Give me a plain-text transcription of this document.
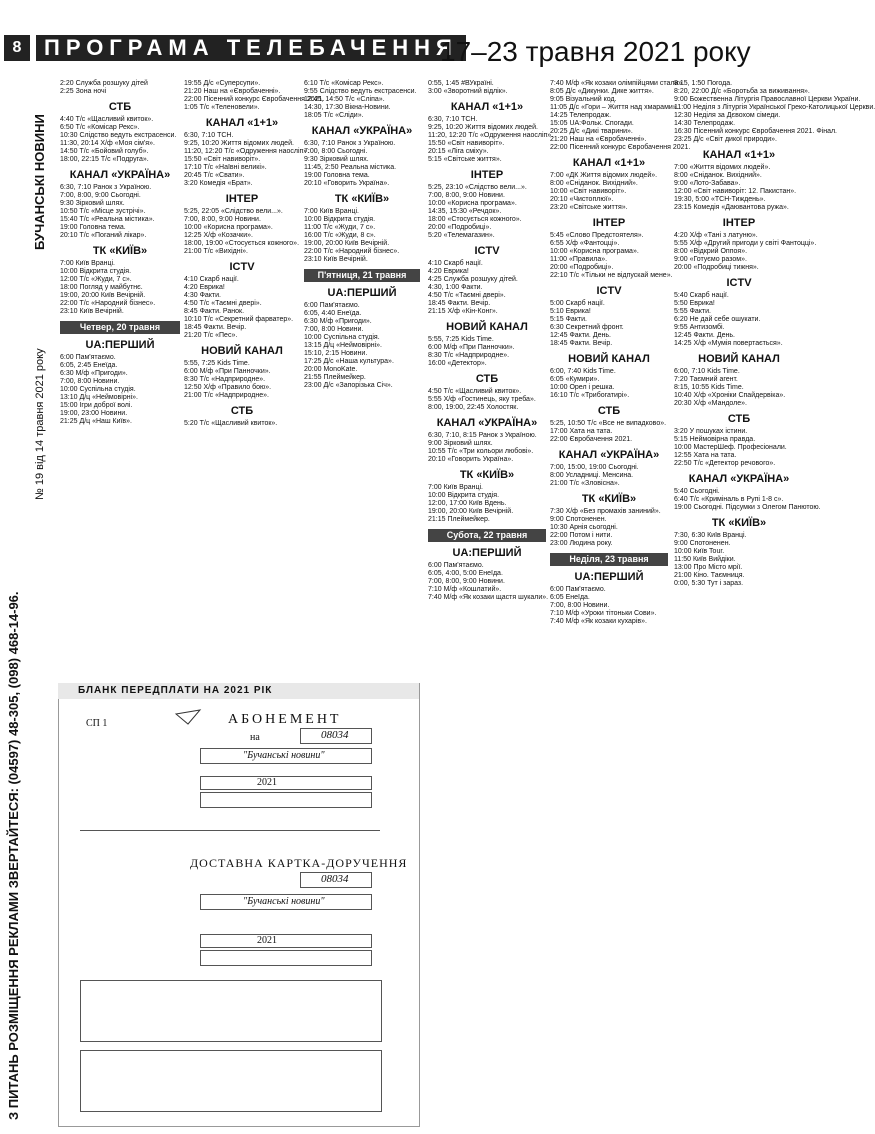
8	ПРОГРАМА ТЕЛЕБАЧЕННЯ
17–23 травня 2021 року
БУЧАНСЬКІ НОВИНИ
№ 19 від 14 травня 2021 року
З ПИТАНЬ РОЗМІЩЕННЯ РЕКЛАМИ ЗВЕРТАЙТЕСЯ: (04597) 48-305, (098) 468-14-96.
2:20 Служба розшуку дітей
2:25 Зона ночі
СТБ
4:40 Т/с «Щасливий квиток».
6:50 Т/с «Комісар Рекс».
10:30 Слідство ведуть екстрасенси.
11:30, 20:14 Х/ф «Моя сім'я».
14:50 Т/с «Бойовий голуб».
18:00, 22:15 Т/с «Подруга».
КАНАЛ «УКРАЇНА»
6:30, 7:10 Ранок з Україною.
7:00, 8:00, 9:00 Сьогодні.
9:30 Зірковий шлях.
10:50 Т/с «Місце зустрічі».
15:40 Т/с «Реальна містика».
19:00 Головна тема.
20:10 Т/с «Поганий лікар».
ТК «КИЇВ»
7:00 Київ Вранці.
10:00 Відкрита студія.
12:00 Т/с «Жуди, 7 с».
18:00 Погляд у майбутнє.
19:00, 20:00 Київ Вечірній.
22:00 Т/с «Народний бізнес».
23:10 Київ Вечірній.
Четвер, 20 травня
UA:ПЕРШИЙ
6:00 Пам'ятаємо.
6:05, 2:45 Енеїда.
6:30 М/ф «Пригоди».
7:00, 8:00 Новини.
10:00 Суспільна студія.
13:10 Д/ц «Неймовірні».
15:00 Ігри доброї волі.
19:00, 23:00 Новини.
21:25 Д/ц «Наш Київ».
19:55 Д/с «Суперсупи».
21:20 Наш на «Євробаченні».
22:00 Пісенний конкурс Євробачення 2021.
1:05 Т/с «Теленовели».
КАНАЛ «1+1»
6:30, 7:10 ТСН.
9:25, 10:20 Життя відомих людей.
11:20, 12:20 Т/с «Одруження наосліп».
15:50 «Світ навиворіт».
17:10 Т/с «Наївні великі».
20:45 Т/с «Свати».
3:20 Комедія «Брат».
ІНТЕР
5:25, 22:05 «Слідство вели...».
7:00, 8:00, 9:00 Новини.
10:00 «Корисна програма».
12:25 Х/ф «Козачки».
18:00, 19:00 «Стосується кожного».
21:00 Т/с «Вихідні».
ICTV
4:10 Скарб нації.
4:20 Еврика!
4:30 Факти.
4:50 Т/с «Таємні двері».
8:45 Факти. Ранок.
10:10 Т/с «Секретний фарватер».
18:45 Факти. Вечір.
21:20 Т/с «Пес».
НОВИЙ КАНАЛ
5:55, 7:25 Kids Time.
6:00 М/ф «При Панночки».
8:30 Т/с «Надприродне».
12:50 Х/ф «Правило бою».
21:00 Т/с «Надприродне».
СТБ
5:20 Т/с «Щасливий квиток».
6:10 Т/с «Комісар Рекс».
9:55 Слідство ведуть екстрасенси.
12:45, 14:50 Т/с «Сліпа».
14:30, 17:30 Вікна-Новини.
18:05 Т/с «Сліди».
КАНАЛ «УКРАЇНА»
6:30, 7:10 Ранок з Україною.
7:00, 8:00 Сьогодні.
9:30 Зірковий шлях.
11:45, 2:50 Реальна містика.
19:00 Головна тема.
20:10 «Говорить Україна».
ТК «КИЇВ»
7:00 Київ Вранці.
10:00 Відкрита студія.
11:00 Т/с «Жуди, 7 с».
16:00 Т/с «Жуди, 8 с».
19:00, 20:00 Київ Вечірній.
22:00 Т/с «Народний бізнес».
23:10 Київ Вечірній.
П'ятниця, 21 травня
UA:ПЕРШИЙ
6:00 Пам'ятаємо.
6:05, 4:40 Енеїда.
6:30 М/ф «Пригоди».
7:00, 8:00 Новини.
10:00 Суспільна студія.
13:15 Д/ц «Неймовірні».
15:10, 2:15 Новини.
17:25 Д/с «Наша культура».
20:00 MonoKate.
21:55 Плеймейкер.
23:00 Д/с «Запорізька Січ».
0:55, 1:45 #ВУкраїні.
3:00 «Зворотний відлік».
КАНАЛ «1+1»
6:30, 7:10 ТСН.
9:25, 10:20 Життя відомих людей.
11:20, 12:20 Т/с «Одруження наосліп».
15:50 «Світ навиворіт».
20:15 «Ліга сміху».
5:15 «Світське життя».
ІНТЕР
5:25, 23:10 «Слідство вели...».
7:00, 8:00, 9:00 Новини.
10:00 «Корисна програма».
14:35, 15:30 «Речдок».
18:00 «Стосується кожного».
20:00 «Подробиці».
5:20 «Телемагазин».
ICTV
4:10 Скарб нації.
4:20 Еврика!
4:25 Служба розшуку дітей.
4:30, 1:00 Факти.
4:50 Т/с «Таємні двері».
18:45 Факти. Вечір.
21:15 Х/ф «Кін-Конг».
НОВИЙ КАНАЛ
5:55, 7:25 Kids Time.
6:00 М/ф «При Панночки».
8:30 Т/с «Надприродне».
16:00 «Детектор».
СТБ
4:50 Т/с «Щасливий квиток».
5:55 Х/ф «Гостинець, яку треба».
8:00, 19:00, 22:45 Холостяк.
КАНАЛ «УКРАЇНА»
6:30, 7:10, 8:15 Ранок з Україною.
9:00 Зірковий шлях.
10:55 Т/с «Три кольори любові».
20:10 «Говорить Україна».
ТК «КИЇВ»
7:00 Київ Вранці.
10:00 Відкрита студія.
12:00, 17:00 Київ Вдень.
19:00, 20:00 Київ Вечірній.
21:15 Плеймейкер.
Субота, 22 травня
UA:ПЕРШИЙ
6:00 Пам'ятаємо.
6:05, 4:00, 5:00 Енеїда.
7:00, 8:00, 9:00 Новини.
7:10 М/ф «Кошлатий».
7:40 М/ф «Як козаки щастя шукали».
7:40 М/ф «Як козаки олімпійцями стали».
8:05 Д/с «Дикунки. Дике життя».
9:05 Візуальний код.
11:05 Д/с «Гори – Життя над хмарами».
14:25 Телепродаж.
15:05 UA:Фольк. Спогади.
20:25 Д/с «Дикі тварини».
21:20 Наш на «Євробаченні».
22:00 Пісенний конкурс Євробачення 2021.
КАНАЛ «1+1»
7:00 «ДК Життя відомих людей».
8:00 «Сніданок. Вихідний».
10:00 «Світ навиворіт».
20:10 «Чистоплюї».
23:20 «Світське життя».
ІНТЕР
5:45 «Слово Предстоятеля».
6:55 Х/ф «Фантоцці».
10:00 «Корисна програма».
11:00 «Правила».
20:00 «Подробиці».
22:10 Т/с «Тільки не відпускай мене».
ICTV
5:00 Скарб нації.
5:10 Еврика!
5:15 Факти.
6:30 Секретний фронт.
12:45 Факти. День.
18:45 Факти. Вечір.
НОВИЙ КАНАЛ
6:00, 7:40 Kids Time.
6:05 «Кумири».
10:00 Орел і решка.
16:10 Т/с «Трибогатирі».
СТБ
5:25, 10:50 Т/с «Все не випадково».
17:00 Хата на тата.
22:00 Євробачення 2021.
КАНАЛ «УКРАЇНА»
7:00, 15:00, 19:00 Сьогодні.
8:00 Усладниці. Менсина.
21:00 Т/с «Зловісна».
ТК «КИЇВ»
7:30 Х/ф «Без промахів заниний».
9:00 Спотоненен.
10:30 Арнія сьогодні.
22:00 Потом і нити.
23:00 Людина року.
Неділя, 23 травня
UA:ПЕРШИЙ
6:00 Пам'ятаємо.
6:05 Енеїда.
7:00, 8:00 Новини.
7:10 М/ф «Уроки тітоньки Сови».
7:40 М/ф «Як козаки кухарів».
8:15, 1:50 Погода.
8:20, 22:00 Д/с «Боротьба за виживання».
9:00 Божественна Літургія Православної Церкви України.
11:00 Неділя з Літургія Української Греко-Католицької Церкви.
12:30 Неділя за Дєвохом сімеди.
14:30 Телепродаж.
16:30 Пісенний конкурс Євробачення 2021. Фінал.
23:25 Д/с «Світ дикої природи».
КАНАЛ «1+1»
7:00 «Життя відомих людей».
8:00 «Сніданок. Вихідний».
9:00 «Лото-Забава».
12:00 «Світ навиворіт: 12. Пакистан».
19:30, 5:00 «ТСН-Тиждень».
23:15 Комедія «Даювантова ружа».
ІНТЕР
4:20 Х/ф «Тані з латуню».
5:55 Х/ф «Другий пригоди у світі Фантоцці».
8:00 «Відкрий Оппоя».
9:00 «Готуємо разом».
20:00 «Подробиці тижня».
ICTV
5:40 Скарб нації.
5:50 Еврика!
5:55 Факти.
6:20 Не дай себе ошукати.
9:55 Антизомбі.
12:45 Факти. День.
14:25 Х/ф «Мумія повертається».
НОВИЙ КАНАЛ
6:00, 7:10 Kids Time.
7:20 Таємний агент.
8:15, 10:55 Kids Time.
10:40 Х/ф «Хроніки Спайдервіка».
20:30 Х/ф «Мандоле».
СТБ
3:20 У пошуках істини.
5:15 Неймовірна правда.
10:00 МастерШеф. Професіонали.
12:55 Хата на тата.
22:50 Т/с «Детектор речового».
КАНАЛ «УКРАЇНА»
5:40 Сьогодні.
6:40 Т/с «Криміналь в Рупі 1-8 с».
19:00 Сьогодні. Підсумки з Олегом Панютою.
ТК «КИЇВ»
7:30, 6:30 Київ Вранці.
9:00 Спотоненен.
10:00 Київ Tour.
11:50 Київ Вийдіки.
13:00 Про Місто мрії.
21:00 Кіно. Таємниця.
0:00, 5:30 Тут і зараз.
БЛАНК ПЕРЕДПЛАТИ НА 2021 РІК
СП 1	АБОНЕМЕНТ
на	08034
"Бучанські новини"
2021
ДОСТАВНА КАРТКА-ДОРУЧЕННЯ
08034
"Бучанські новини"
2021
